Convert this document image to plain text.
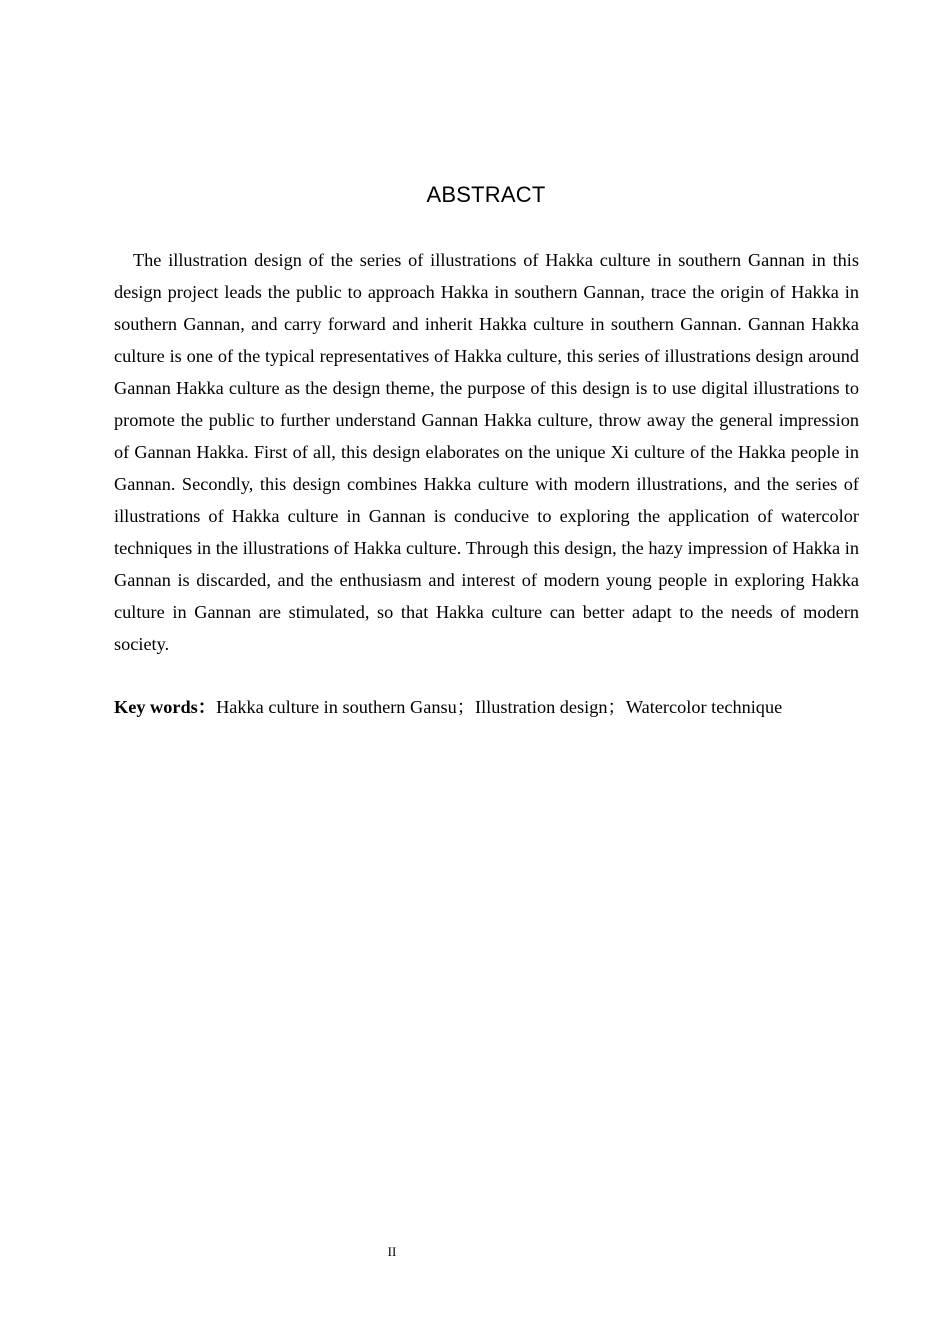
ABSTRACT

The illustration design of the series of illustrations of Hakka culture in southern Gannan in this design project leads the public to approach Hakka in southern Gannan, trace the origin of Hakka in southern Gannan, and carry forward and inherit Hakka culture in southern Gannan. Gannan Hakka culture is one of the typical representatives of Hakka culture, this series of illustrations design around Gannan Hakka culture as the design theme, the purpose of this design is to use digital illustrations to promote the public to further understand Gannan Hakka culture, throw away the general impression of Gannan Hakka. First of all, this design elaborates on the unique Xi culture of the Hakka people in Gannan. Secondly, this design combines Hakka culture with modern illustrations, and the series of illustrations of Hakka culture in Gannan is conducive to exploring the application of watercolor techniques in the illustrations of Hakka culture. Through this design, the hazy impression of Hakka in Gannan is discarded, and the enthusiasm and interest of modern young people in exploring Hakka culture in Gannan are stimulated, so that Hakka culture can better adapt to the needs of modern society.

Key words：Hakka culture in southern Gansu；Illustration design；Watercolor technique

II
